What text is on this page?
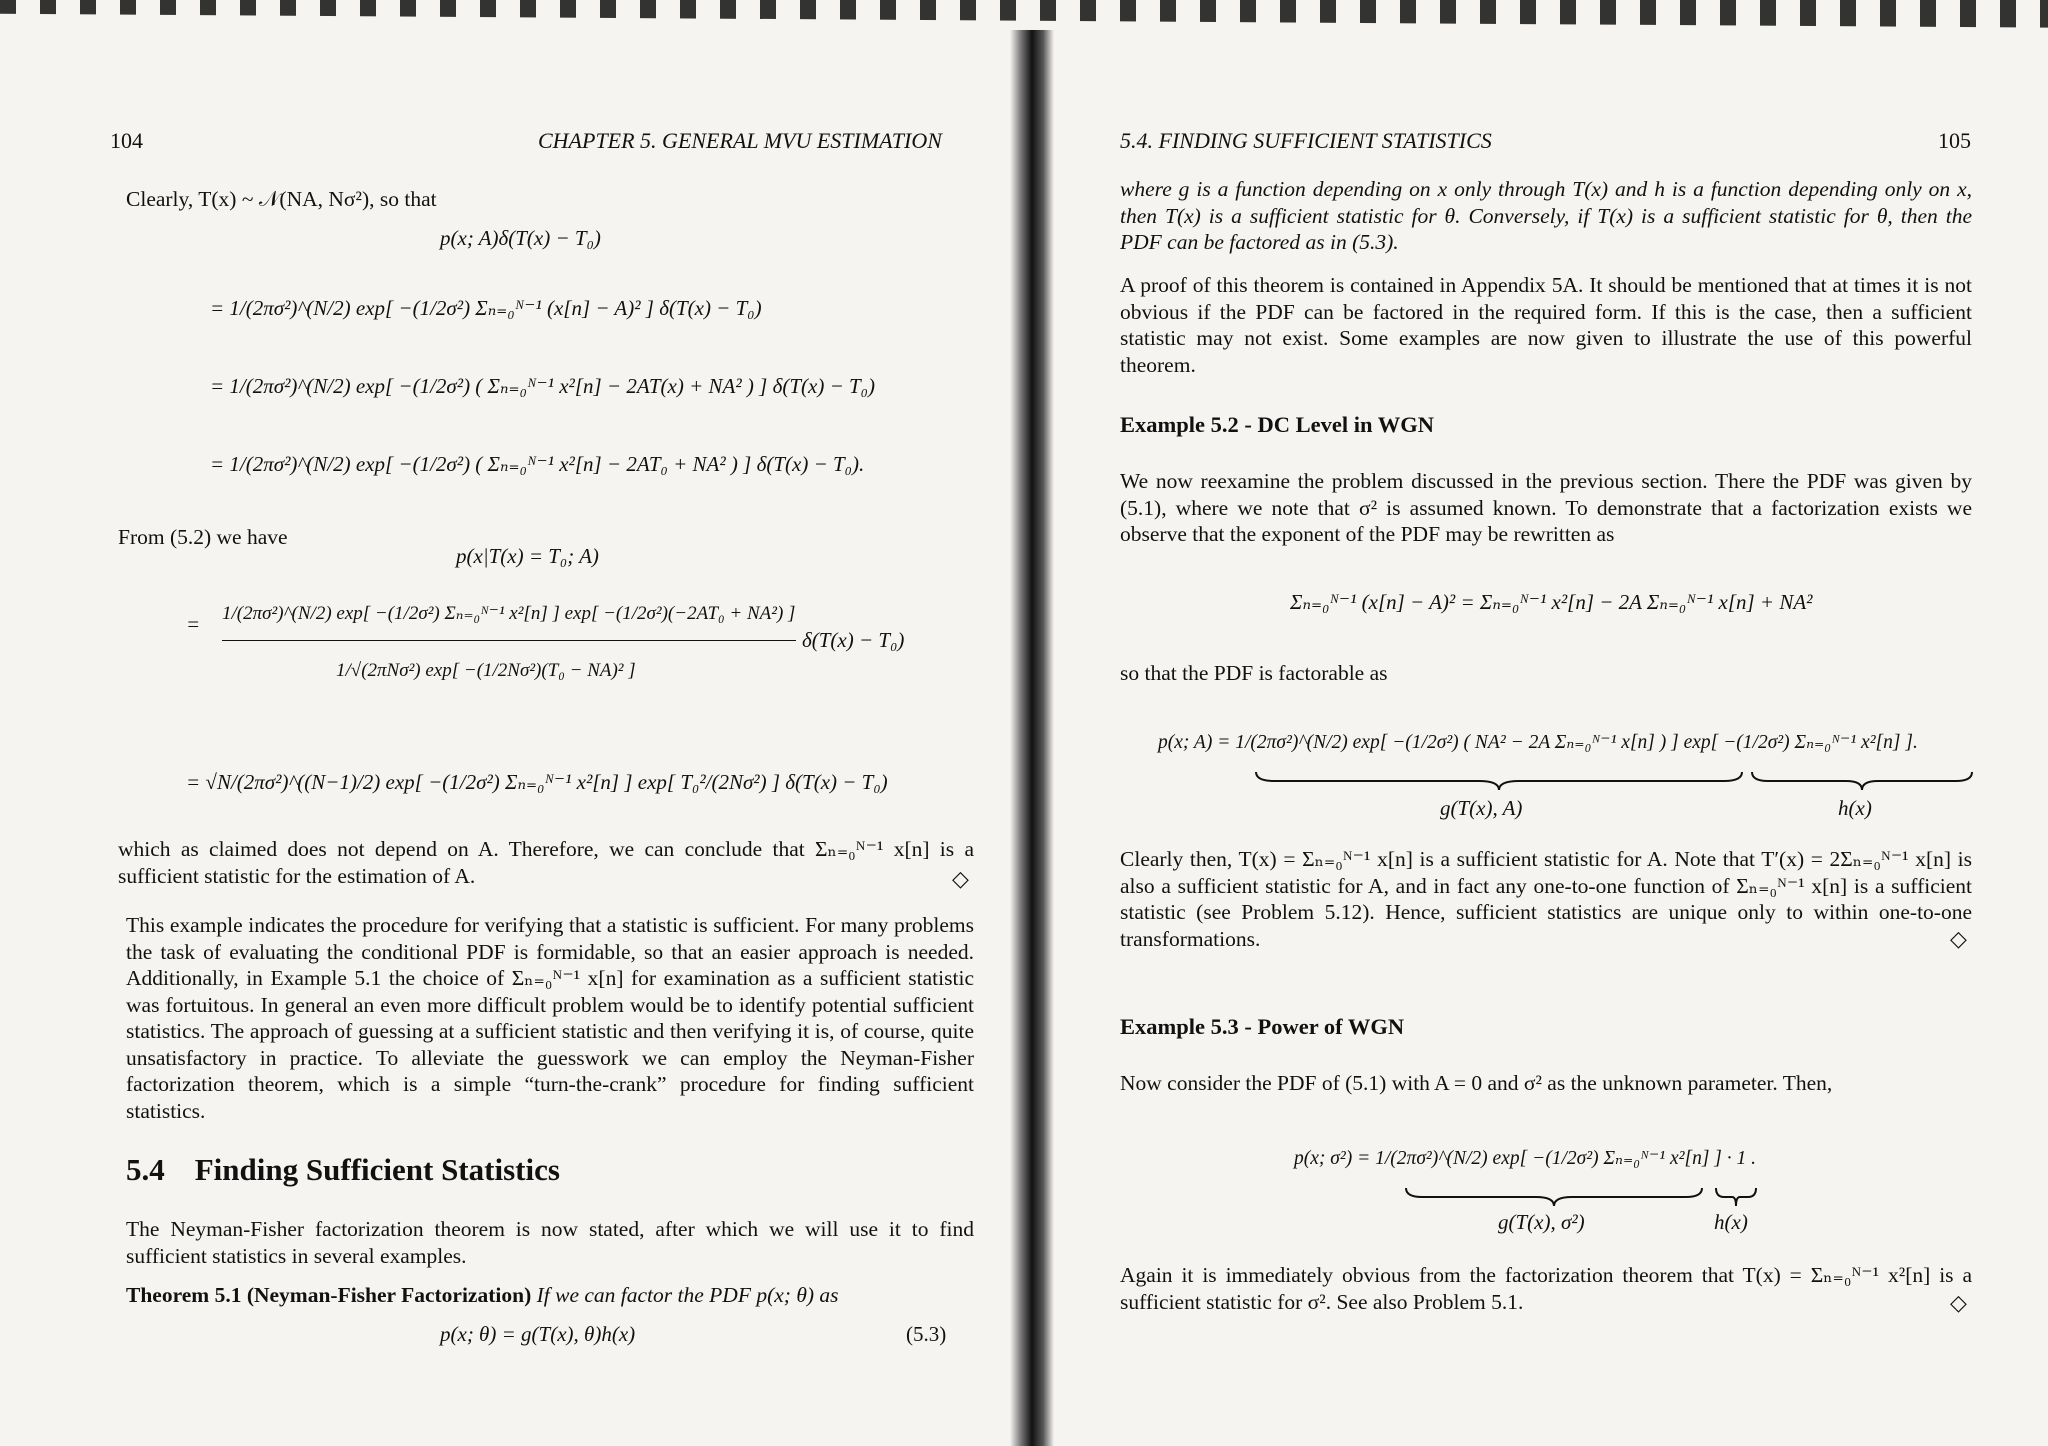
104	CHAPTER 5. GENERAL MVU ESTIMATION
Clearly, T(x) ~ 𝒩(NA, Nσ²), so that
p(x; A)δ(T(x) − T₀)
= 1/(2πσ²)^(N/2) exp[ −(1/2σ²) Σₙ₌₀ᴺ⁻¹ (x[n] − A)² ] δ(T(x) − T₀)
= 1/(2πσ²)^(N/2) exp[ −(1/2σ²) ( Σₙ₌₀ᴺ⁻¹ x²[n] − 2AT(x) + NA² ) ] δ(T(x) − T₀)
= 1/(2πσ²)^(N/2) exp[ −(1/2σ²) ( Σₙ₌₀ᴺ⁻¹ x²[n] − 2AT₀ + NA² ) ] δ(T(x) − T₀).
From (5.2) we have
p(x|T(x) = T₀; A)
= 1/(2πσ²)^(N/2) exp[ −(1/2σ²) Σₙ₌₀ᴺ⁻¹ x²[n] ] exp[ −(1/2σ²)(−2AT₀ + NA²) ]
1/√(2πNσ²) exp[ −(1/2Nσ²)(T₀ − NA)² ]
δ(T(x) − T₀)
= √N/(2πσ²)^((N−1)/2) exp[ −(1/2σ²) Σₙ₌₀ᴺ⁻¹ x²[n] ] exp[ T₀²/(2Nσ²) ] δ(T(x) − T₀)
which as claimed does not depend on A. Therefore, we can conclude that Σₙ₌₀ᴺ⁻¹ x[n] is a sufficient statistic for the estimation of A.	◇
This example indicates the procedure for verifying that a statistic is sufficient. For many problems the task of evaluating the conditional PDF is formidable, so that an easier approach is needed. Additionally, in Example 5.1 the choice of Σₙ₌₀ᴺ⁻¹ x[n] for examination as a sufficient statistic was fortuitous. In general an even more difficult problem would be to identify potential sufficient statistics. The approach of guessing at a sufficient statistic and then verifying it is, of course, quite unsatisfactory in practice. To alleviate the guesswork we can employ the Neyman-Fisher factorization theorem, which is a simple “turn-the-crank” procedure for finding sufficient statistics.
5.4 Finding Sufficient Statistics
The Neyman-Fisher factorization theorem is now stated, after which we will use it to find sufficient statistics in several examples.
Theorem 5.1 (Neyman-Fisher Factorization) If we can factor the PDF p(x; θ) as
p(x; θ) = g(T(x), θ)h(x)	(5.3)
5.4. FINDING SUFFICIENT STATISTICS	105
where g is a function depending on x only through T(x) and h is a function depending only on x, then T(x) is a sufficient statistic for θ. Conversely, if T(x) is a sufficient statistic for θ, then the PDF can be factored as in (5.3).
A proof of this theorem is contained in Appendix 5A. It should be mentioned that at times it is not obvious if the PDF can be factored in the required form. If this is the case, then a sufficient statistic may not exist. Some examples are now given to illustrate the use of this powerful theorem.
Example 5.2 - DC Level in WGN
We now reexamine the problem discussed in the previous section. There the PDF was given by (5.1), where we note that σ² is assumed known. To demonstrate that a factorization exists we observe that the exponent of the PDF may be rewritten as
Σₙ₌₀ᴺ⁻¹ (x[n] − A)² = Σₙ₌₀ᴺ⁻¹ x²[n] − 2A Σₙ₌₀ᴺ⁻¹ x[n] + NA²
so that the PDF is factorable as
p(x; A) = 1/(2πσ²)^(N/2) exp[ −(1/2σ²) ( NA² − 2A Σₙ₌₀ᴺ⁻¹ x[n] ) ] exp[ −(1/2σ²) Σₙ₌₀ᴺ⁻¹ x²[n] ].
g(T(x), A)	h(x)
Clearly then, T(x) = Σₙ₌₀ᴺ⁻¹ x[n] is a sufficient statistic for A. Note that T′(x) = 2Σₙ₌₀ᴺ⁻¹ x[n] is also a sufficient statistic for A, and in fact any one-to-one function of Σₙ₌₀ᴺ⁻¹ x[n] is a sufficient statistic (see Problem 5.12). Hence, sufficient statistics are unique only to within one-to-one transformations.	◇
Example 5.3 - Power of WGN
Now consider the PDF of (5.1) with A = 0 and σ² as the unknown parameter. Then,
p(x; σ²) = 1/(2πσ²)^(N/2) exp[ −(1/2σ²) Σₙ₌₀ᴺ⁻¹ x²[n] ] · 1 .
g(T(x), σ²)	h(x)
Again it is immediately obvious from the factorization theorem that T(x) = Σₙ₌₀ᴺ⁻¹ x²[n] is a sufficient statistic for σ². See also Problem 5.1.	◇
